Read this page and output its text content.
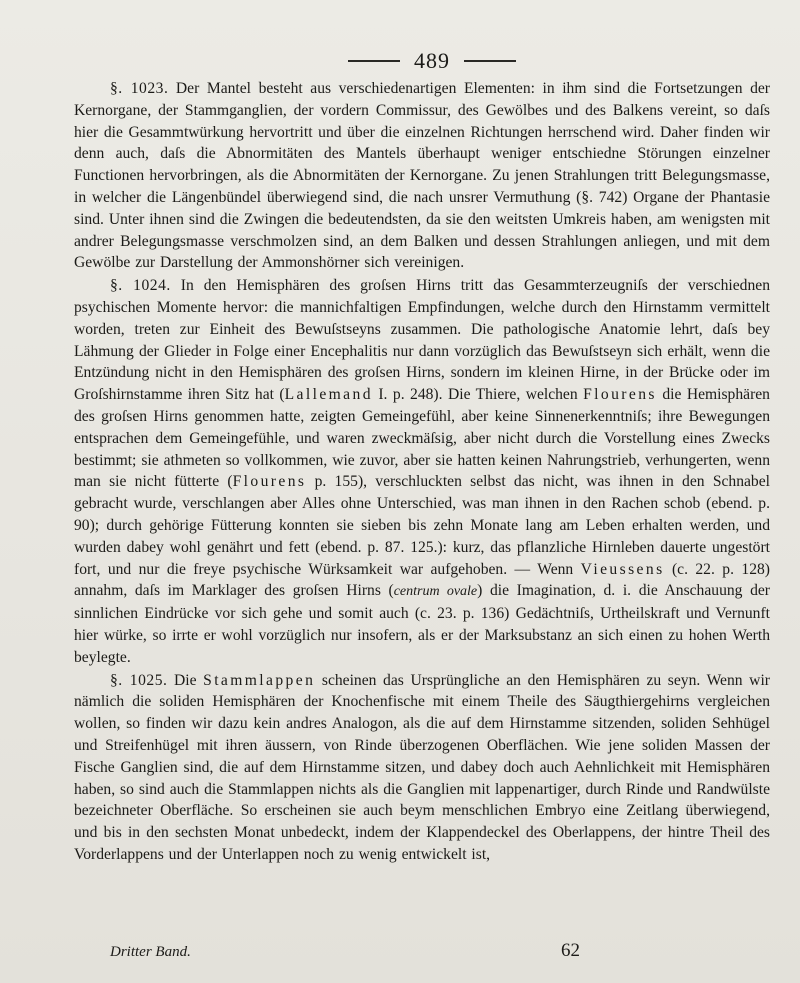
489

§. 1023. Der Mantel besteht aus verschiedenartigen Elementen: in ihm sind die Fortsetzungen der Kernorgane, der Stammganglien, der vordern Commissur, des Gewölbes und des Balkens vereint, so daſs hier die Gesammtwürkung hervortritt und über die einzelnen Richtungen herrschend wird. Daher finden wir denn auch, daſs die Abnormitäten des Mantels überhaupt weniger entschiedne Störungen einzelner Functionen hervorbringen, als die Abnormitäten der Kernorgane. Zu jenen Strahlungen tritt Belegungsmasse, in welcher die Längenbündel überwiegend sind, die nach unsrer Vermuthung (§. 742) Organe der Phantasie sind. Unter ihnen sind die Zwingen die bedeutendsten, da sie den weitsten Umkreis haben, am wenigsten mit andrer Belegungsmasse verschmolzen sind, an dem Balken und dessen Strahlungen anliegen, und mit dem Gewölbe zur Darstellung der Ammonshörner sich vereinigen.

§. 1024. In den Hemisphären des groſsen Hirns tritt das Gesammterzeugniſs der verschiednen psychischen Momente hervor: die mannichfaltigen Empfindungen, welche durch den Hirnstamm vermittelt worden, treten zur Einheit des Bewuſstseyns zusammen. Die pathologische Anatomie lehrt, daſs bey Lähmung der Glieder in Folge einer Encephalitis nur dann vorzüglich das Bewuſstseyn sich erhält, wenn die Entzündung nicht in den Hemisphären des groſsen Hirns, sondern im kleinen Hirne, in der Brücke oder im Groſshirnstamme ihren Sitz hat (Lallemand I. p. 248). Die Thiere, welchen Flourens die Hemisphären des groſsen Hirns genommen hatte, zeigten Gemeingefühl, aber keine Sinnenerkenntniſs; ihre Bewegungen entsprachen dem Gemeingefühle, und waren zweckmäſsig, aber nicht durch die Vorstellung eines Zwecks bestimmt; sie athmeten so vollkommen, wie zuvor, aber sie hatten keinen Nahrungstrieb, verhungerten, wenn man sie nicht fütterte (Flourens p. 155), verschluckten selbst das nicht, was ihnen in den Schnabel gebracht wurde, verschlangen aber Alles ohne Unterschied, was man ihnen in den Rachen schob (ebend. p. 90); durch gehörige Fütterung konnten sie sieben bis zehn Monate lang am Leben erhalten werden, und wurden dabey wohl genährt und fett (ebend. p. 87. 125.): kurz, das pflanzliche Hirnleben dauerte ungestört fort, und nur die freye psychische Würksamkeit war aufgehoben. — Wenn Vieussens (c. 22. p. 128) annahm, daſs im Marklager des groſsen Hirns (centrum ovale) die Imagination, d. i. die Anschauung der sinnlichen Eindrücke vor sich gehe und somit auch (c. 23. p. 136) Gedächtniſs, Urtheilskraft und Vernunft hier würke, so irrte er wohl vorzüglich nur insofern, als er der Marksubstanz an sich einen zu hohen Werth beylegte.

§. 1025. Die Stammlappen scheinen das Ursprüngliche an den Hemisphären zu seyn. Wenn wir nämlich die soliden Hemisphären der Knochenfische mit einem Theile des Säugthiergehirns vergleichen wollen, so finden wir dazu kein andres Analogon, als die auf dem Hirnstamme sitzenden, soliden Sehhügel und Streifenhügel mit ihren äussern, von Rinde überzogenen Oberflächen. Wie jene soliden Massen der Fische Ganglien sind, die auf dem Hirnstamme sitzen, und dabey doch auch Aehnlichkeit mit Hemisphären haben, so sind auch die Stammlappen nichts als die Ganglien mit lappenartiger, durch Rinde und Randwülste bezeichneter Oberfläche. So erscheinen sie auch beym menschlichen Embryo eine Zeitlang überwiegend, und bis in den sechsten Monat unbedeckt, indem der Klappendeckel des Oberlappens, der hintre Theil des Vorderlappens und der Unterlappen noch zu wenig entwickelt ist,

Dritter Band.	62
